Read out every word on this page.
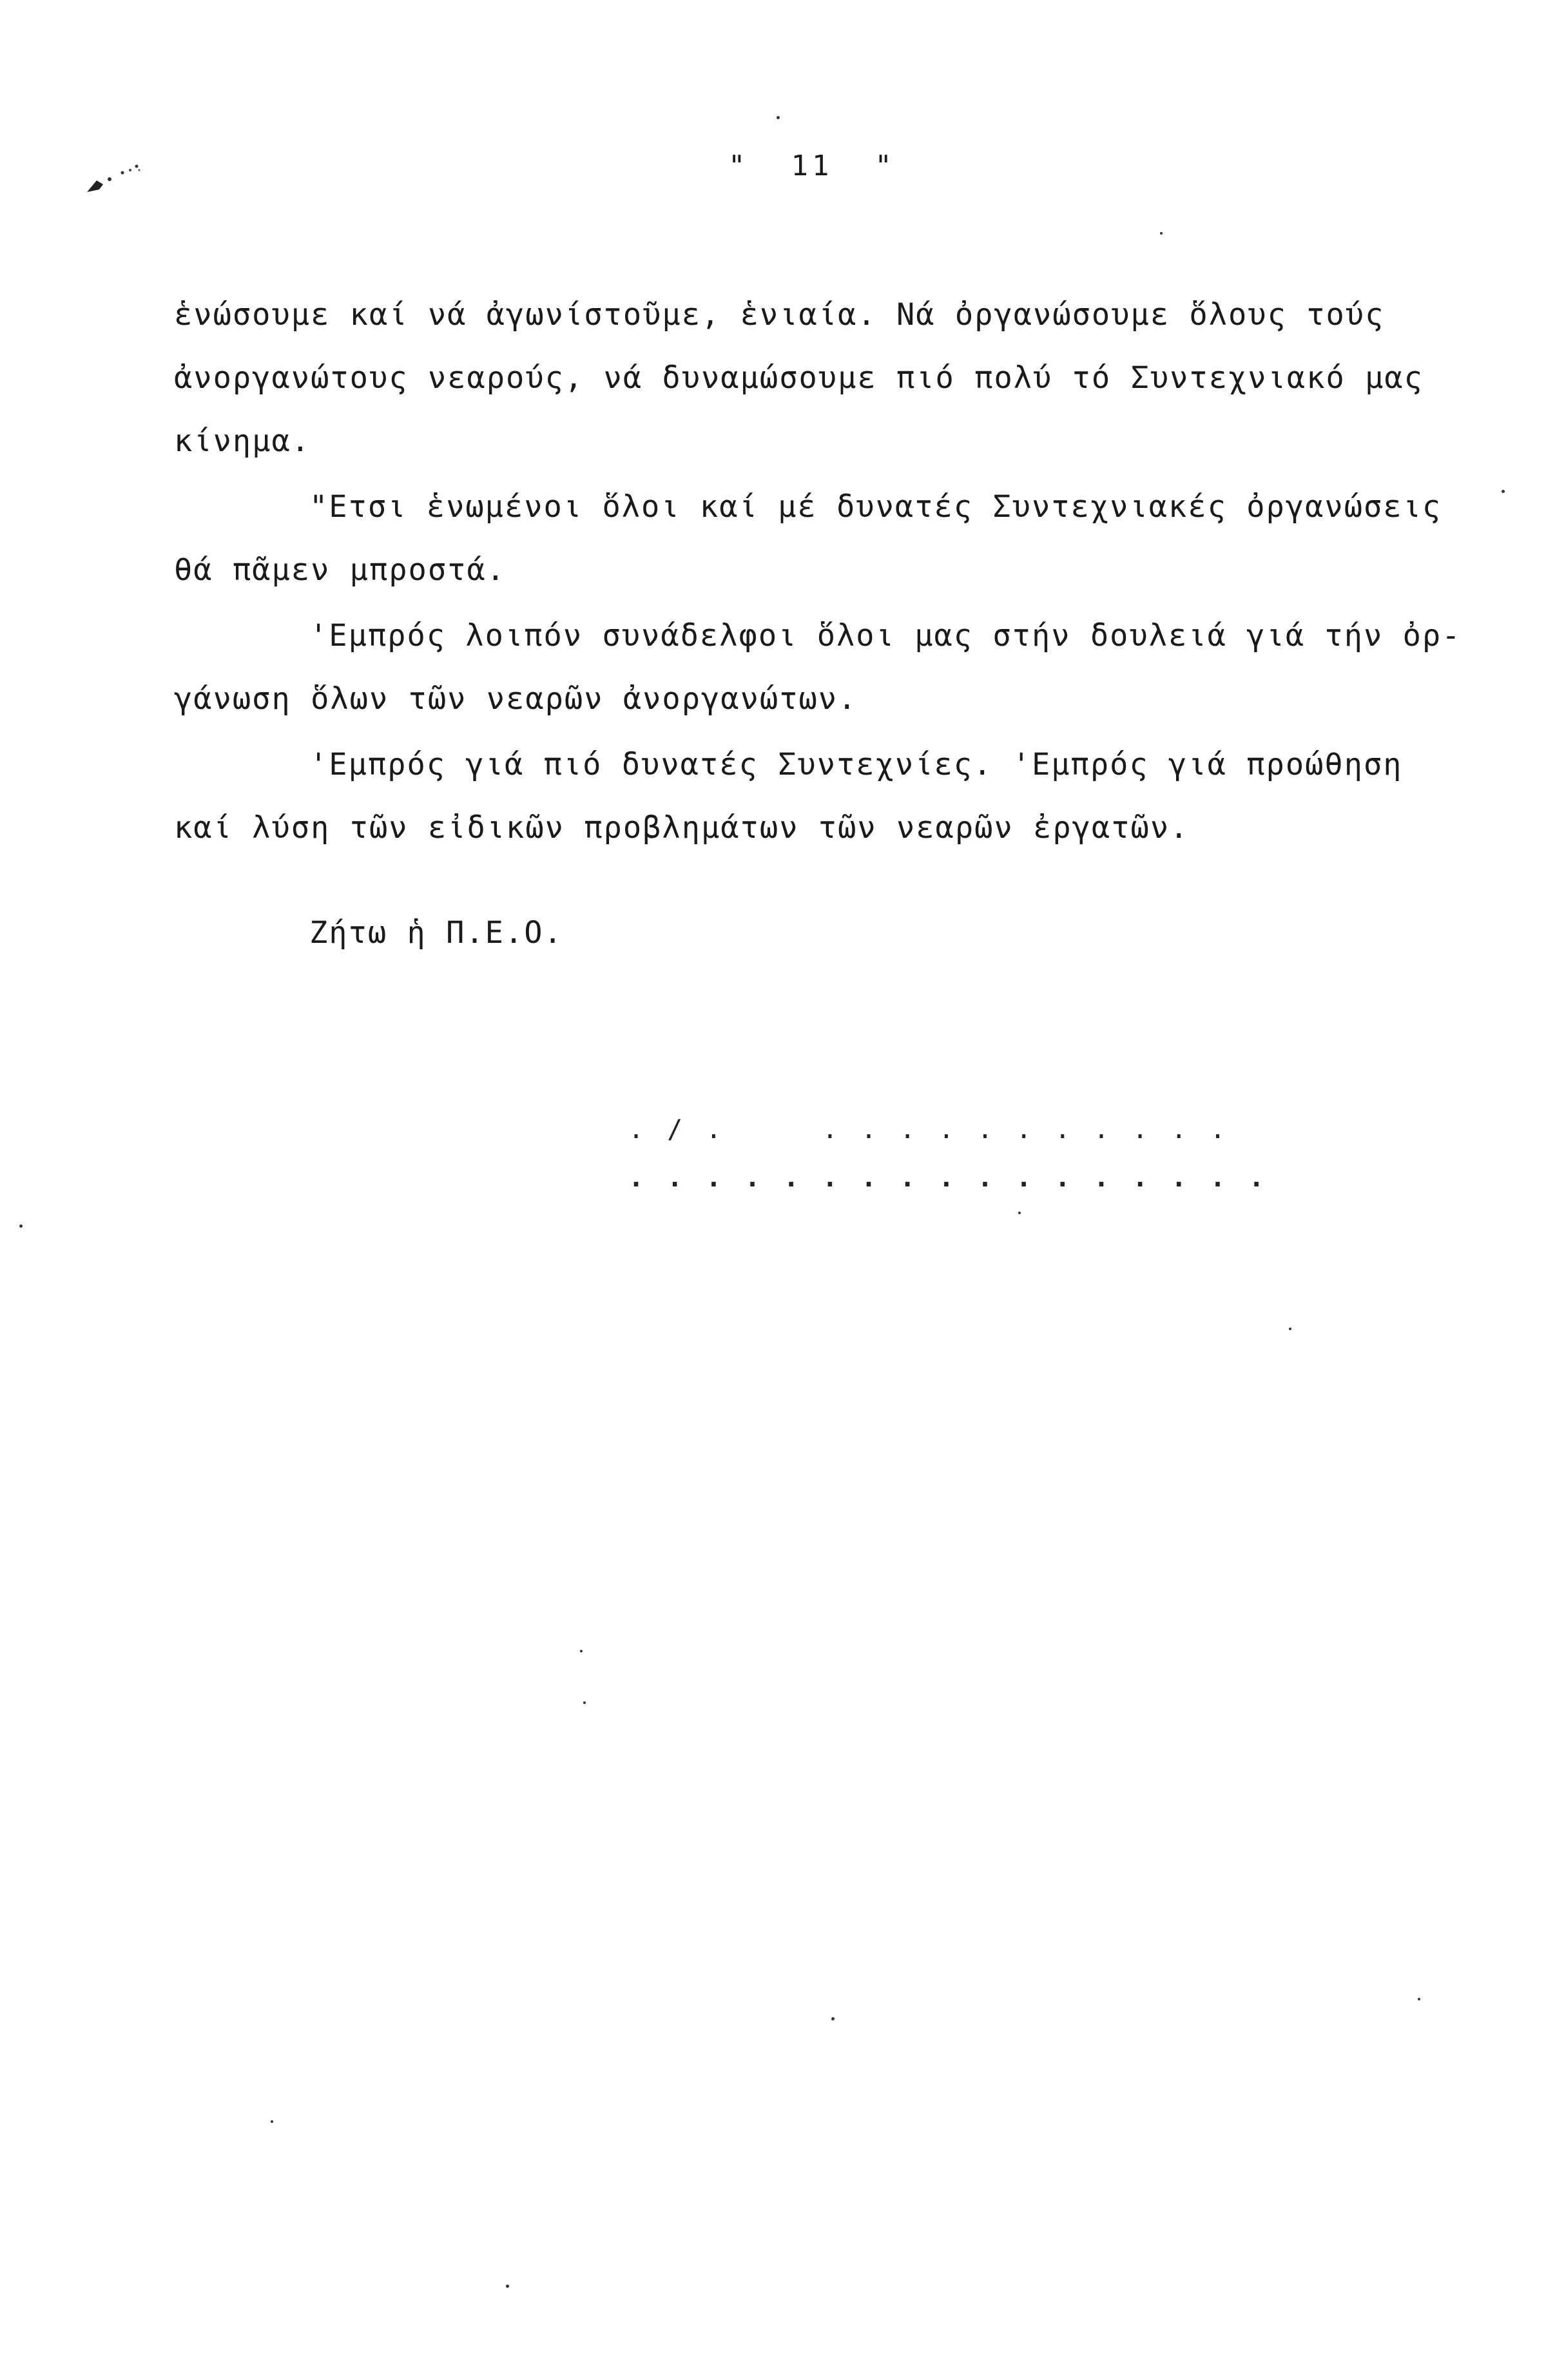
"  11  "
ἑνώσουμε καί νά ἀγωνίστοῦμε, ἑνιαία. Νά ὀργανώσουμε ὅλους τούς
ἀνοργανώτους νεαρούς, νά δυναμώσουμε πιό πολύ τό Συντεχνιακό μας
κίνημα.
"Ετσι ἑνωμένοι ὅλοι καί μέ δυνατές Συντεχνιακές ὀργανώσεις
θά πᾶμεν μπροστά.
'Εμπρός λοιπόν συνάδελφοι ὅλοι μας στήν δουλειά γιά τήν ὀρ-
γάνωση ὅλων τῶν νεαρῶν ἀνοργανώτων.
'Εμπρός γιά πιό δυνατές Συντεχνίες. 'Εμπρός γιά προώθηση
καί λύση τῶν εἰδικῶν προβλημάτων τῶν νεαρῶν ἐργατῶν.
Ζήτω ἡ Π.Ε.Ο.
. / .     . . . . . . . . . . .
. . . . . . . . . . . . . . . . .
